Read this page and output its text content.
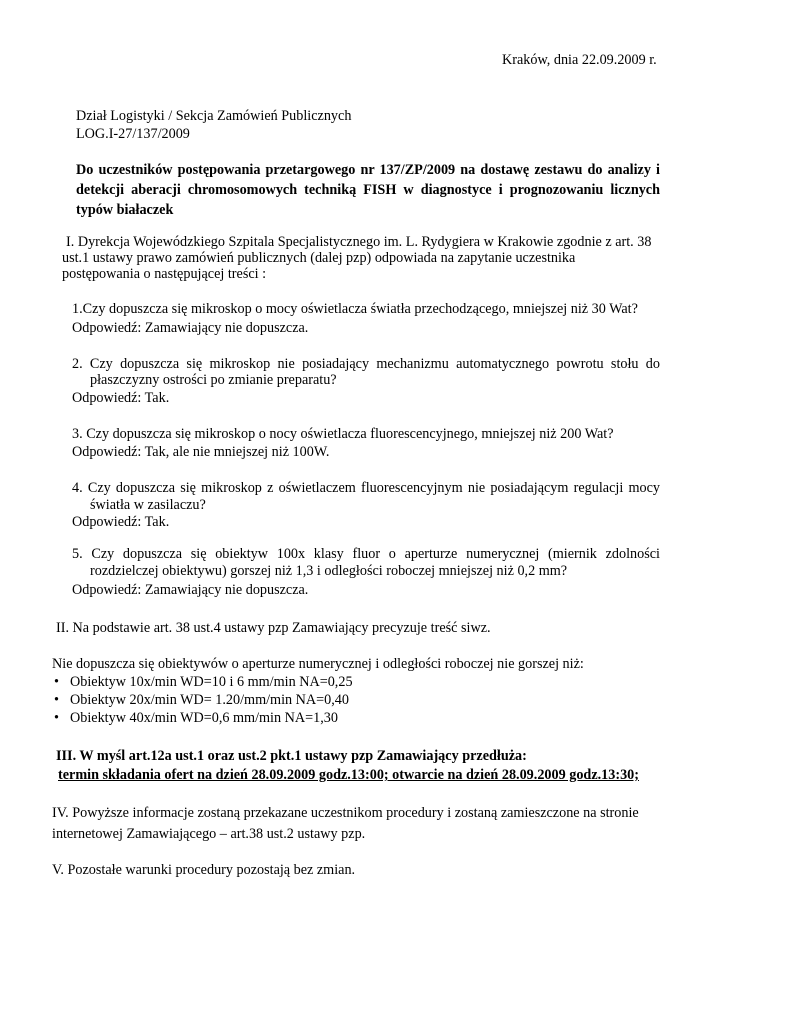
Kraków, dnia 22.09.2009 r.
Dział Logistyki / Sekcja Zamówień Publicznych
LOG.I-27/137/2009
Do uczestników postępowania przetargowego nr 137/ZP/2009 na dostawę zestawu do analizy i detekcji aberacji chromosomowych techniką FISH w diagnostyce i prognozowaniu licznych typów białaczek
I. Dyrekcja Wojewódzkiego Szpitala Specjalistycznego im. L. Rydygiera w Krakowie zgodnie z art. 38
ust.1 ustawy prawo zamówień publicznych (dalej pzp) odpowiada na zapytanie uczestnika
postępowania o następującej treści :
1.Czy dopuszcza się mikroskop o mocy oświetlacza światła przechodzącego, mniejszej niż 30 Wat?
Odpowiedź: Zamawiający nie dopuszcza.
2. Czy dopuszcza się mikroskop nie posiadający mechanizmu automatycznego powrotu stołu do
płaszczyzny ostrości po zmianie preparatu?
Odpowiedź: Tak.
3. Czy dopuszcza się mikroskop o nocy oświetlacza fluorescencyjnego, mniejszej niż 200 Wat?
Odpowiedź: Tak, ale nie mniejszej niż 100W.
4. Czy dopuszcza się mikroskop z oświetlaczem fluorescencyjnym nie posiadającym regulacji mocy
światła w zasilaczu?
Odpowiedź: Tak.
5. Czy dopuszcza się obiektyw 100x klasy fluor o aperturze numerycznej (miernik zdolności
rozdzielczej obiektywu) gorszej niż 1,3 i odległości roboczej mniejszej niż 0,2 mm?
Odpowiedź: Zamawiający nie dopuszcza.
II. Na podstawie art. 38 ust.4 ustawy pzp Zamawiający precyzuje treść siwz.
Nie dopuszcza się obiektywów o aperturze numerycznej i odległości roboczej nie gorszej niż:
• Obiektyw 10x/min WD=10 i 6 mm/min NA=0,25
• Obiektyw 20x/min WD= 1.20/mm/min NA=0,40
• Obiektyw 40x/min WD=0,6 mm/min NA=1,30
III. W myśl art.12a ust.1 oraz ust.2 pkt.1 ustawy pzp Zamawiający przedłuża:
termin składania ofert na dzień 28.09.2009 godz.13:00; otwarcie na dzień 28.09.2009 godz.13:30;
IV. Powyższe informacje zostaną przekazane uczestnikom procedury i zostaną zamieszczone na stronie
internetowej Zamawiającego – art.38 ust.2 ustawy pzp.
V. Pozostałe warunki procedury pozostają bez zmian.
